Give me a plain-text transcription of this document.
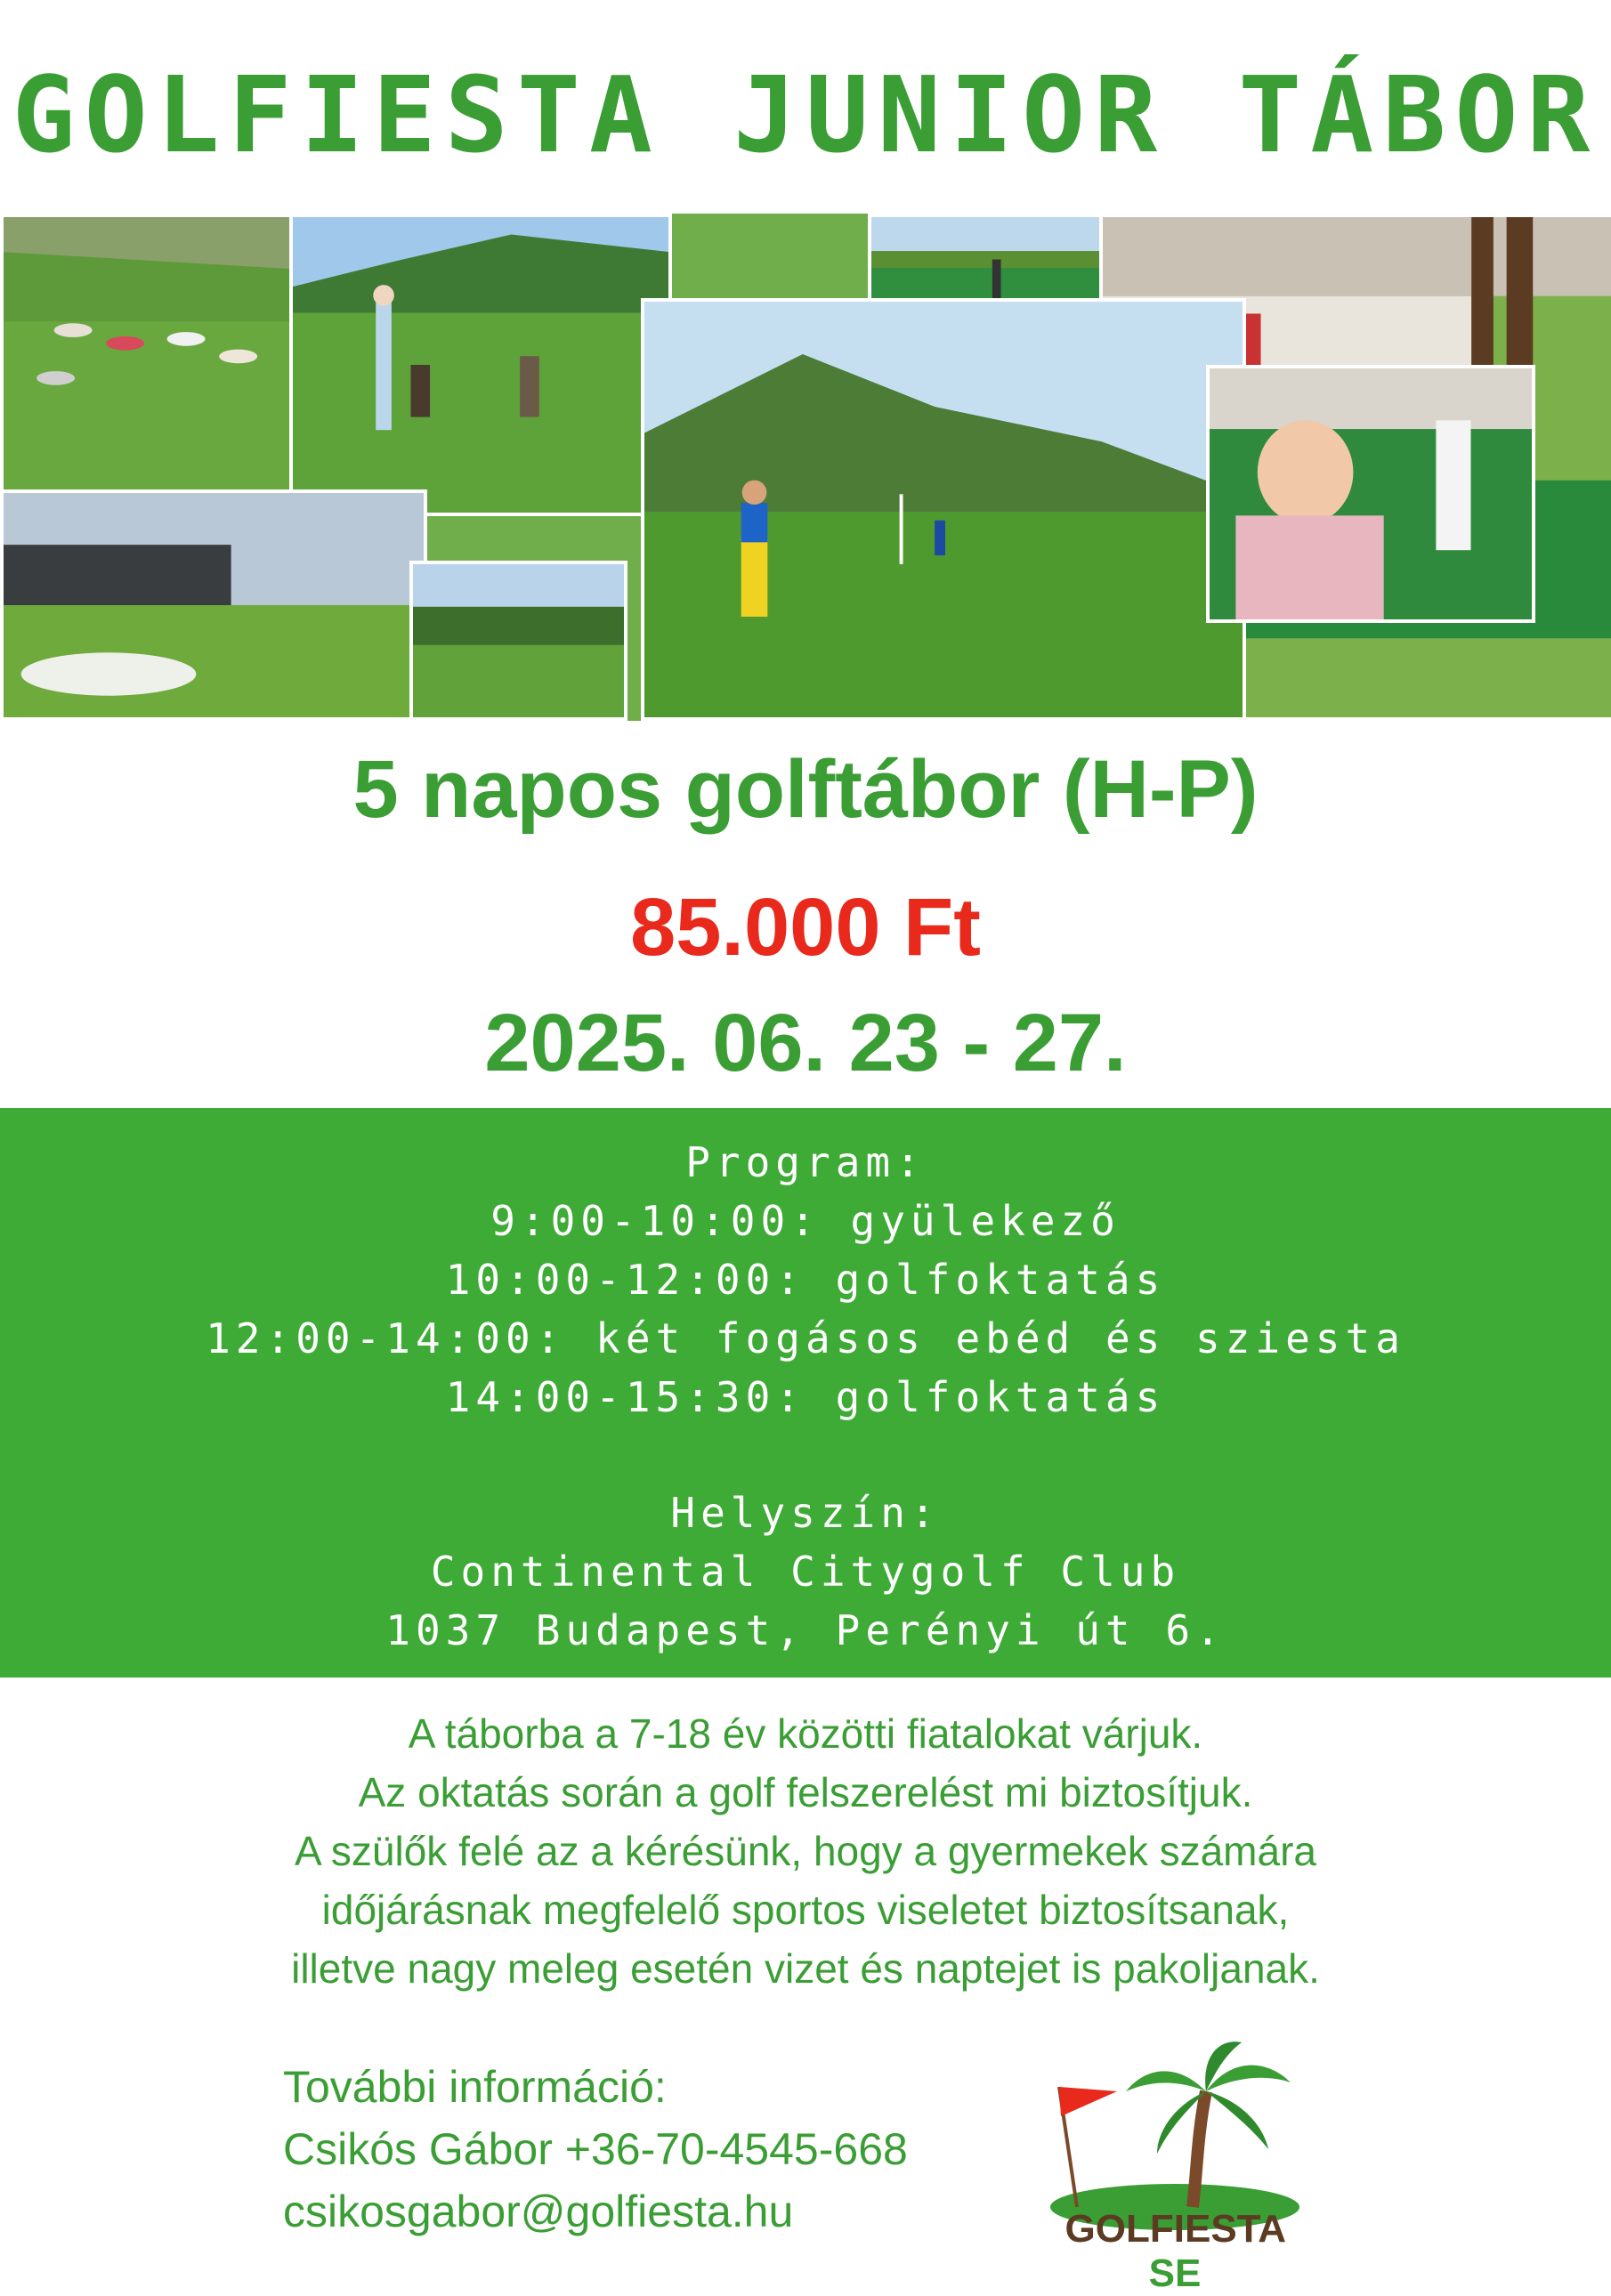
GOLFIESTA JUNIOR TÁBOR
5 napos golftábor (H-P)
85.000 Ft
2025. 06. 23 - 27.
Program:
9:00-10:00: gyülekező
10:00-12:00: golfoktatás
12:00-14:00: két fogásos ebéd és sziesta
14:00-15:30: golfoktatás
Helyszín:
Continental Citygolf Club
1037 Budapest, Perényi út 6.
A táborba a 7-18 év közötti fiatalokat várjuk.
Az oktatás során a golf felszerelést mi biztosítjuk.
A szülők felé az a kérésünk, hogy a gyermekek számára
időjárásnak megfelelő sportos viseletet biztosítsanak,
illetve nagy meleg esetén vizet és naptejet is pakoljanak.
További információ:
Csikós Gábor +36-70-4545-668
csikosgabor@golfiesta.hu	GOLFIESTA SE
